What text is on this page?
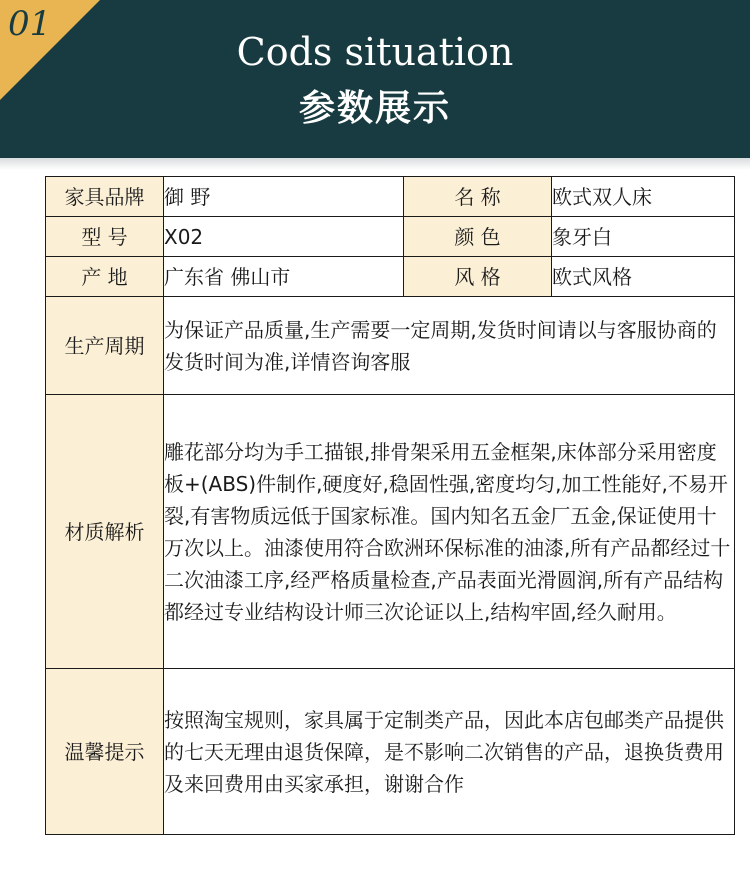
01
Cods situation
参数展示
家具品牌	御 野	名 称	欧式双人床
型 号	X02	颜 色	象牙白
产 地	广东省 佛山市	风 格	欧式风格
生产周期	为保证产品质量,生产需要一定周期,发货时间请以与客服协商的发货时间为准,详情咨询客服		
材质解析	雕花部分均为手工描银,排骨架采用五金框架,床体部分采用密度板+(ABS)件制作,硬度好,稳固性强,密度均匀,加工性能好,不易开裂,有害物质远低于国家标准。国内知名五金厂五金,保证使用十万次以上。油漆使用符合欧洲环保标准的油漆,所有产品都经过十二次油漆工序,经严格质量检查,产品表面光滑圆润,所有产品结构都经过专业结构设计师三次论证以上,结构牢固,经久耐用。		
温馨提示	按照淘宝规则，家具属于定制类产品，因此本店包邮类产品提供的七天无理由退货保障，是不影响二次销售的产品，退换货费用及来回费用由买家承担，谢谢合作		
